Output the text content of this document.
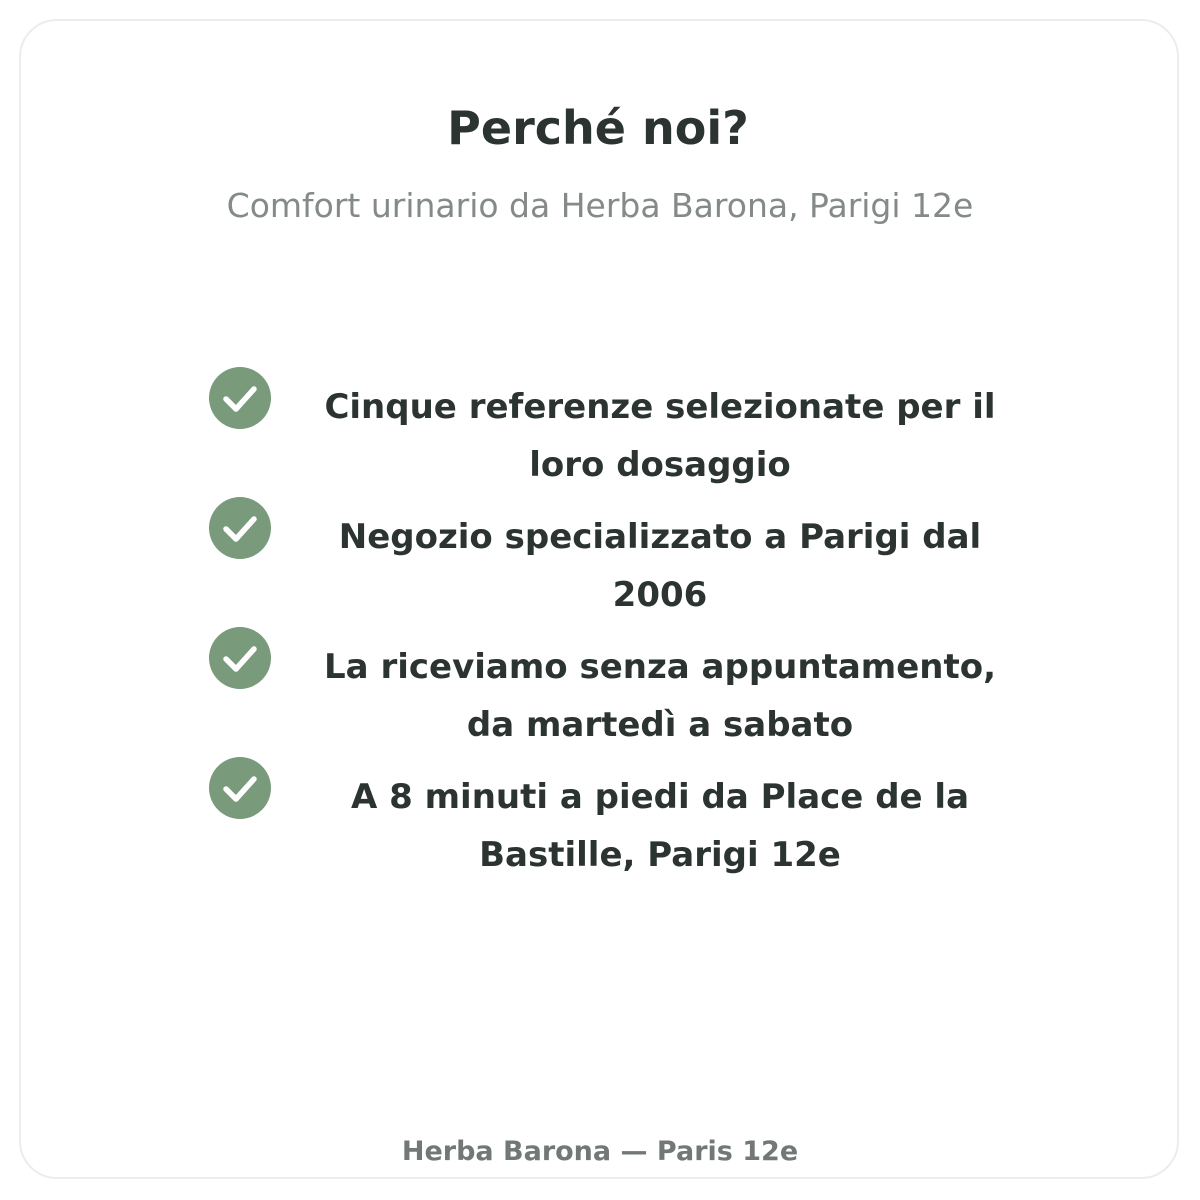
Perché noi?

Comfort urinario da Herba Barona, Parigi 12e

Cinque referenze selezionate per il loro dosaggio
Negozio specializzato a Parigi dal 2006
La riceviamo senza appuntamento, da martedì a sabato
A 8 minuti a piedi da Place de la Bastille, Parigi 12e
Herba Barona — Paris 12e
